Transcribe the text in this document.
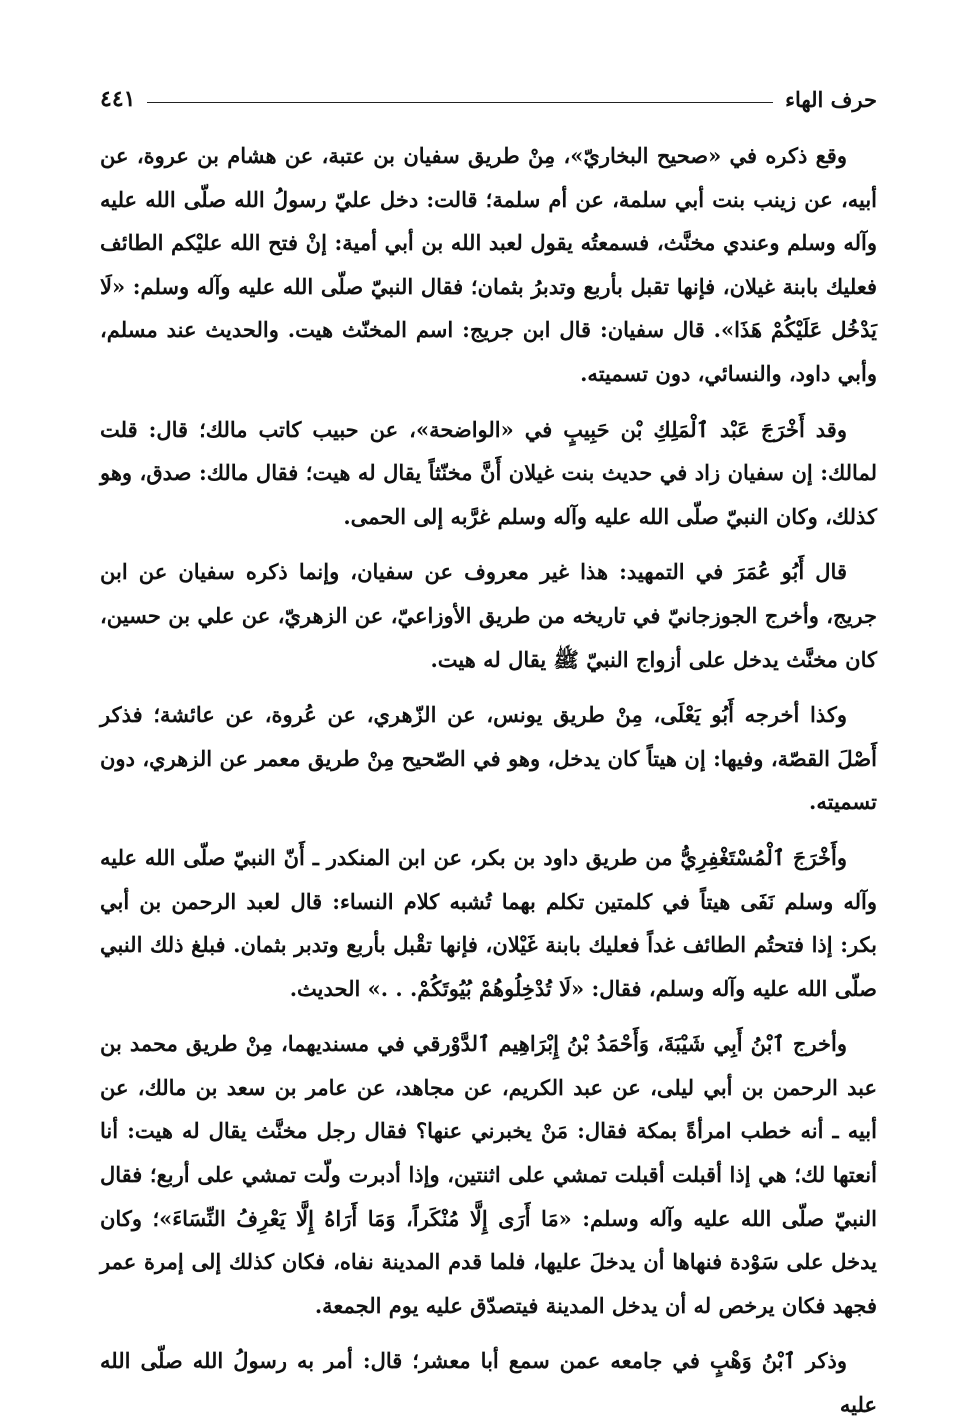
حرف الهاء
٤٤١

وقع ذكره في «صحيح البخاريّ»، مِنْ طريق سفيان بن عتبة، عن هشام بن عروة، عن أبيه، عن زينب بنت أبي سلمة، عن أم سلمة؛ قالت: دخل عليّ رسولُ الله صلّى الله عليه وآله وسلم وعندي مخنَّث، فسمعتُه يقول لعبد الله بن أبي أمية: إنْ فتح الله عليْكم الطائف فعليك بابنة غيلان، فإنها تقبل بأربع وتدبرُ بثمان؛ فقال النبيّ صلّى الله عليه وآله وسلم: «لَا يَدْخُل عَلَيْكُمْ هَذَا». قال سفيان: قال ابن جريج: اسم المخنّث هيت. والحديث عند مسلم، وأبي داود، والنسائي، دون تسميته.

وقد أَخْرَجَ عَبْد ٱلْمَلِكِ بْن حَبِيبٍ في «الواضحة»، عن حبيب كاتب مالك؛ قال: قلت لمالك: إن سفيان زاد في حديث بنت غيلان أَنَّ مخنّثاً يقال له هيت؛ فقال مالك: صدق، وهو كذلك، وكان النبيّ صلّى الله عليه وآله وسلم غرَّبه إلى الحمى.

قال أَبُو عُمَرَ في التمهيد: هذا غير معروف عن سفيان، وإنما ذكره سفيان عن ابن جريج، وأخرج الجوزجانيّ في تاريخه من طريق الأوزاعيّ، عن الزهريّ، عن علي بن حسين، كان مخنَّث يدخل على أزواج النبيّ ﷺ يقال له هيت.

وكذا أخرجه أَبُو يَعْلَى، مِنْ طريق يونس، عن الزّهري، عن عُروة، عن عائشة؛ فذكر أَصْلَ القصّة، وفيها: إن هيتاً كان يدخل، وهو في الصّحيح مِنْ طريق معمر عن الزهري، دون تسميته.

وأَخْرَجَ ٱلْمُسْتَغْفِرِيُّ من طريق داود بن بكر، عن ابن المنكدر ـ أَنّ النبيّ صلّى الله عليه وآله وسلم نَفَى هيتاً في كلمتين تكلم بهما تُشبه كلام النساء: قال لعبد الرحمن بن أبي بكر: إذا فتحتُم الطائف غداً فعليك بابنة غَيْلان، فإنها تقْبل بأربع وتدبر بثمان. فبلغ ذلك النبي صلّى الله عليه وآله وسلم، فقال: «لَا تُدْخِلُوهُمْ بُيُوتَكُمْ. . .» الحديث.

وأخرج ٱبْنُ أَبِي شَيْبَةَ، وَأَحْمَدُ بْنُ إِبْرَاهِيم ٱلدَّوْرقي في مسنديهما، مِنْ طريق محمد بن عبد الرحمن بن أبي ليلى، عن عبد الكريم، عن مجاهد، عن عامر بن سعد بن مالك، عن أبيه ـ أنه خطب امرأةً بمكة فقال: مَنْ يخبرني عنها؟ فقال رجل مخنَّث يقال له هيت: أنا أنعتها لك؛ هي إذا أقبلت أقبلت تمشي على اثنتين، وإذا أدبرت ولّت تمشي على أربع؛ فقال النبيّ صلّى الله عليه وآله وسلم: «مَا أَرَى إِلَّا مُنْكَراً، وَمَا أَرَاهُ إِلَّا يَعْرِفُ النِّسَاءَ»؛ وكان يدخل على سَوْدة فنهاها أن يدخلَ عليها، فلما قدم المدينة نفاه، فكان كذلك إلى إمرة عمر فجهد فكان يرخص له أن يدخل المدينة فيتصدّق عليه يوم الجمعة.

وذكر ٱبْنُ وَهْبٍ في جامعه عمن سمع أبا معشر؛ قال: أمر به رسولُ الله صلّى الله عليه
